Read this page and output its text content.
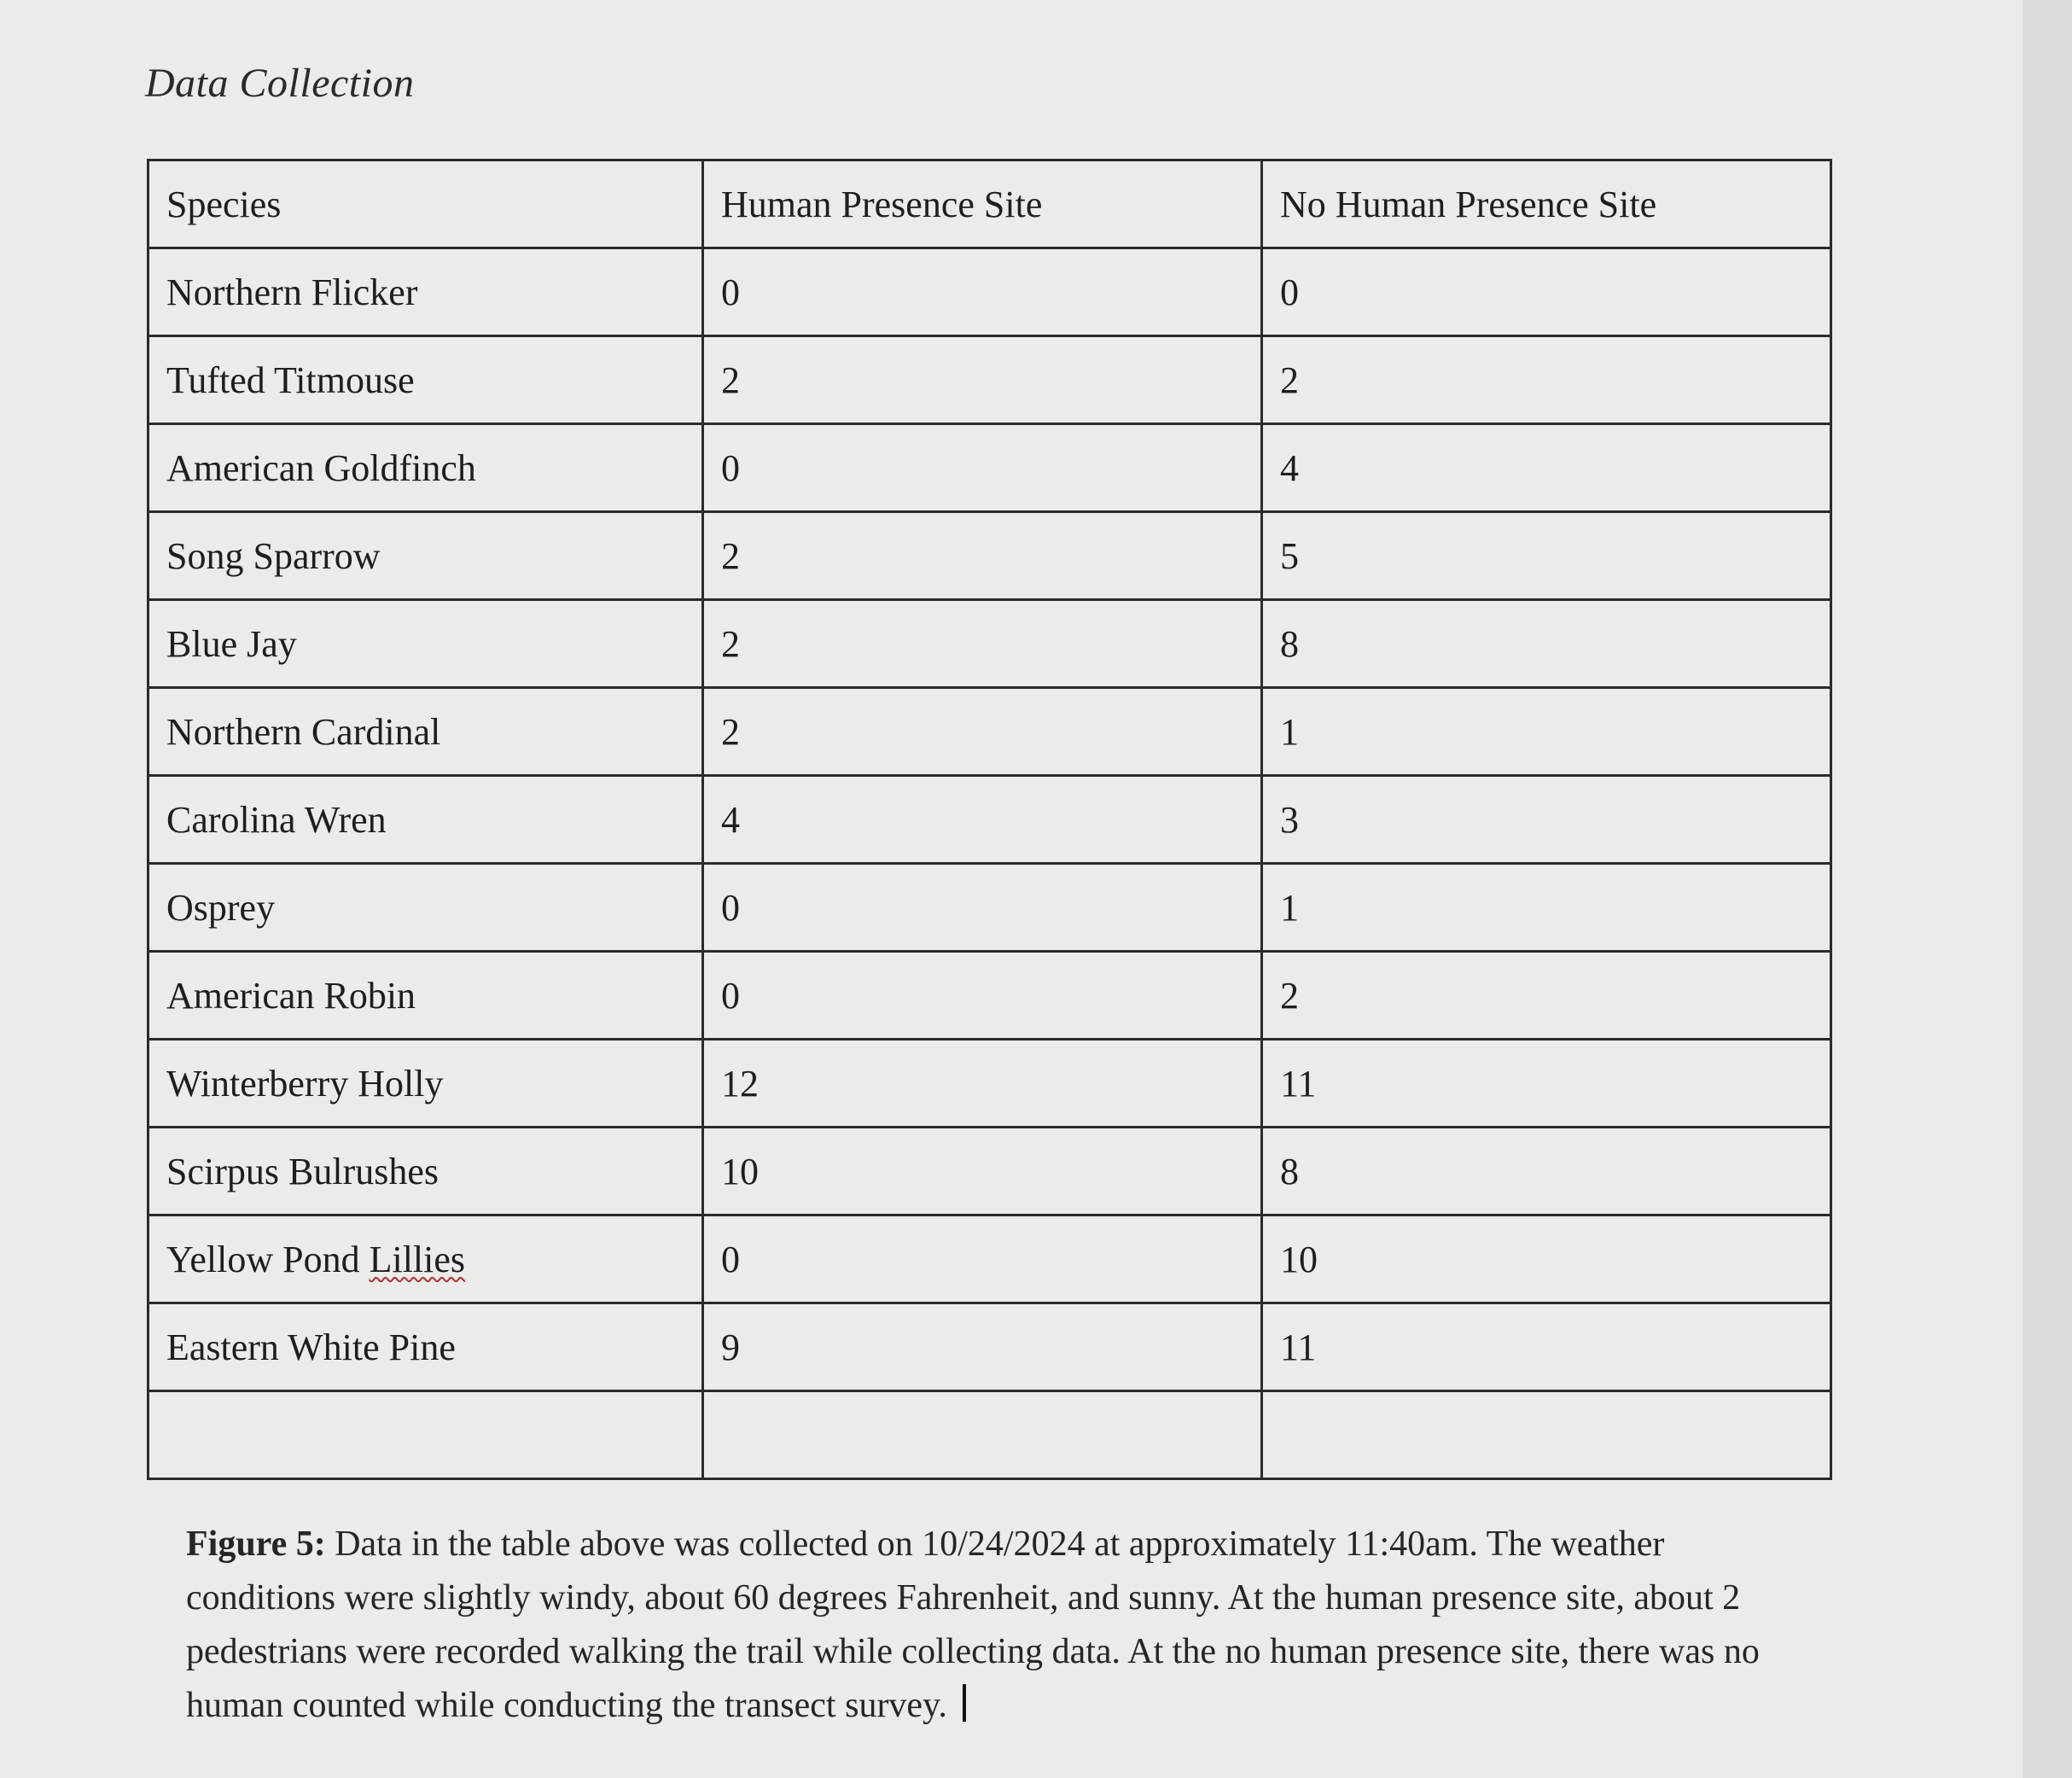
Data Collection
Species	Human Presence Site	No Human Presence Site
Northern Flicker	0	0
Tufted Titmouse	2	2
American Goldfinch	0	4
Song Sparrow	2	5
Blue Jay	2	8
Northern Cardinal	2	1
Carolina Wren	4	3
Osprey	0	1
American Robin	0	2
Winterberry Holly	12	11
Scirpus Bulrushes	10	8
Yellow Pond Lillies	0	10
Eastern White Pine	9	11

Figure 5: Data in the table above was collected on 10/24/2024 at approximately 11:40am. The weather conditions were slightly windy, about 60 degrees Fahrenheit, and sunny. At the human presence site, about 2 pedestrians were recorded walking the trail while collecting data. At the no human presence site, there was no human counted while conducting the transect survey.
